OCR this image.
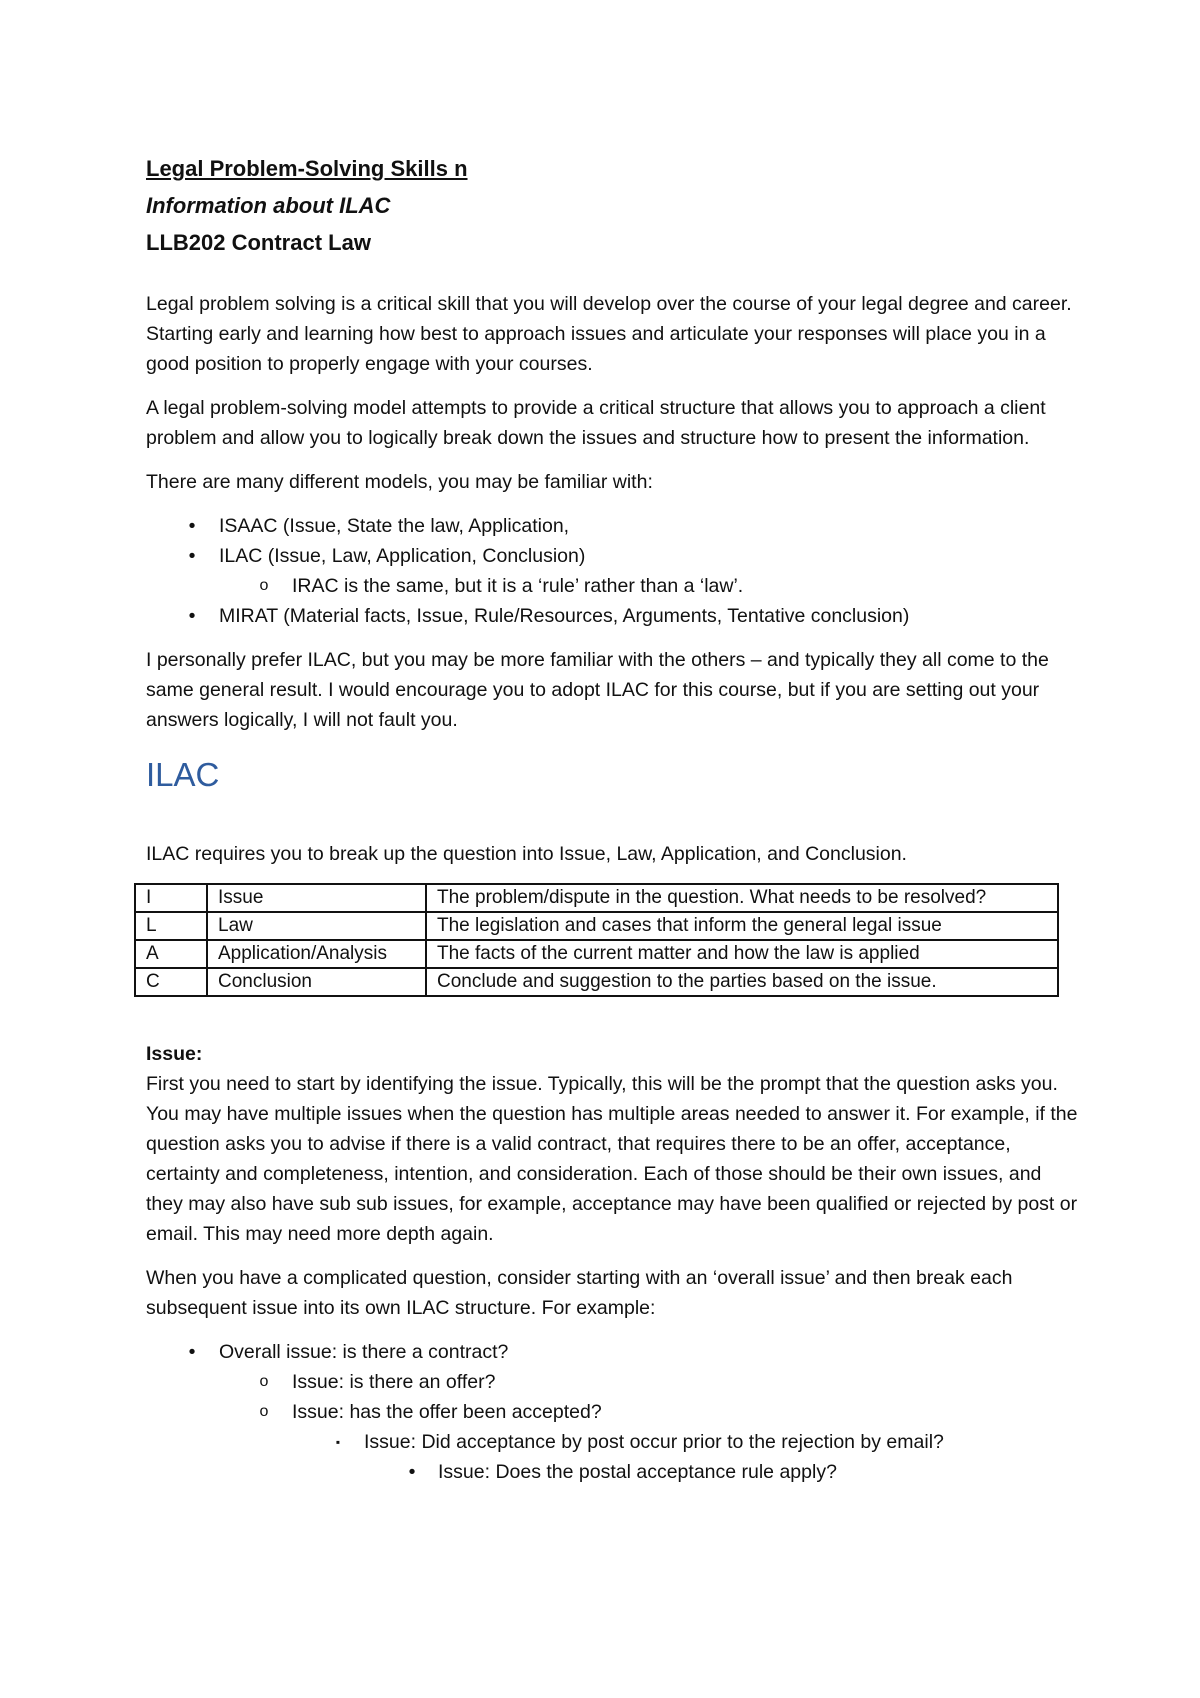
Legal Problem-Solving Skills n

Information about ILAC

LLB202 Contract Law

Legal problem solving is a critical skill that you will develop over the course of your legal degree and career. Starting early and learning how best to approach issues and articulate your responses will place you in a good position to properly engage with your courses.

A legal problem-solving model attempts to provide a critical structure that allows you to approach a client problem and allow you to logically break down the issues and structure how to present the information.

There are many different models, you may be familiar with:

•	ISAAC (Issue, State the law, Application,
•	ILAC (Issue, Law, Application, Conclusion)
o IRAC is the same, but it is a ‘rule’ rather than a ‘law’.
•	MIRAT (Material facts, Issue, Rule/Resources, Arguments, Tentative conclusion)

I personally prefer ILAC, but you may be more familiar with the others – and typically they all come to the same general result. I would encourage you to adopt ILAC for this course, but if you are setting out your answers logically, I will not fault you.

ILAC

ILAC requires you to break up the question into Issue, Law, Application, and Conclusion.

I	Issue	The problem/dispute in the question. What needs to be resolved?
L	Law	The legislation and cases that inform the general legal issue
A	Application/Analysis	The facts of the current matter and how the law is applied
C	Conclusion	Conclude and suggestion to the parties based on the issue.

Issue:

First you need to start by identifying the issue. Typically, this will be the prompt that the question asks you. You may have multiple issues when the question has multiple areas needed to answer it. For example, if the question asks you to advise if there is a valid contract, that requires there to be an offer, acceptance, certainty and completeness, intention, and consideration. Each of those should be their own issues, and they may also have sub sub issues, for example, acceptance may have been qualified or rejected by post or email. This may need more depth again.

When you have a complicated question, consider starting with an ‘overall issue’ and then break each subsequent issue into its own ILAC structure. For example:

•	Overall issue: is there a contract?
o Issue: is there an offer?
o Issue: has the offer been accepted?
▪	Issue: Did acceptance by post occur prior to the rejection by email?
•	Issue: Does the postal acceptance rule apply?
